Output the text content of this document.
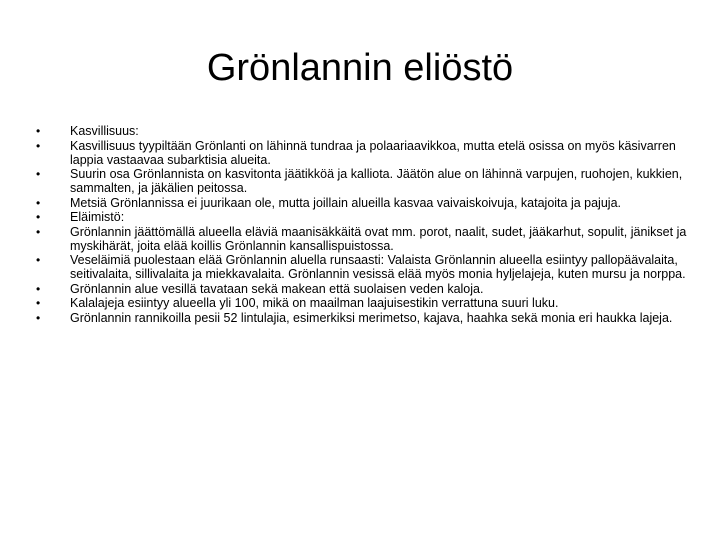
Grönlannin eliöstö
•	Kasvillisuus:
•	Kasvillisuus tyypiltään Grönlanti on lähinnä tundraa ja polaariaavikkoa, mutta etelä osissa on myös käsivarren lappia vastaavaa subarktisia alueita.
•	Suurin osa Grönlannista on kasvitonta jäätikköä ja kalliota. Jäätön alue on lähinnä varpujen, ruohojen, kukkien, sammalten, ja jäkälien peitossa.
•	Metsiä Grönlannissa ei juurikaan ole, mutta joillain alueilla kasvaa vaivaiskoivuja, katajoita ja pajuja.
•	Eläimistö:
•	Grönlannin jäättömällä alueella eläviä maanisäkkäitä ovat mm. porot, naalit, sudet, jääkarhut, sopulit, jänikset ja myskihärät, joita elää koillis Grönlannin kansallispuistossa.
•	Veseläimiä puolestaan elää Grönlannin aluella runsaasti: Valaista Grönlannin alueella esiintyy pallopäävalaita, seitivalaita, sillivalaita ja miekkavalaita. Grönlannin vesissä elää myös monia hyljelajeja, kuten mursu ja norppa.
•	Grönlannin alue vesillä tavataan sekä makean että suolaisen veden kaloja.
•	Kalalajeja esiintyy alueella yli 100, mikä on maailman laajuisestikin verrattuna suuri luku.
•	Grönlannin rannikoilla pesii 52 lintulajia, esimerkiksi merimetso, kajava, haahka sekä monia eri haukka lajeja.
